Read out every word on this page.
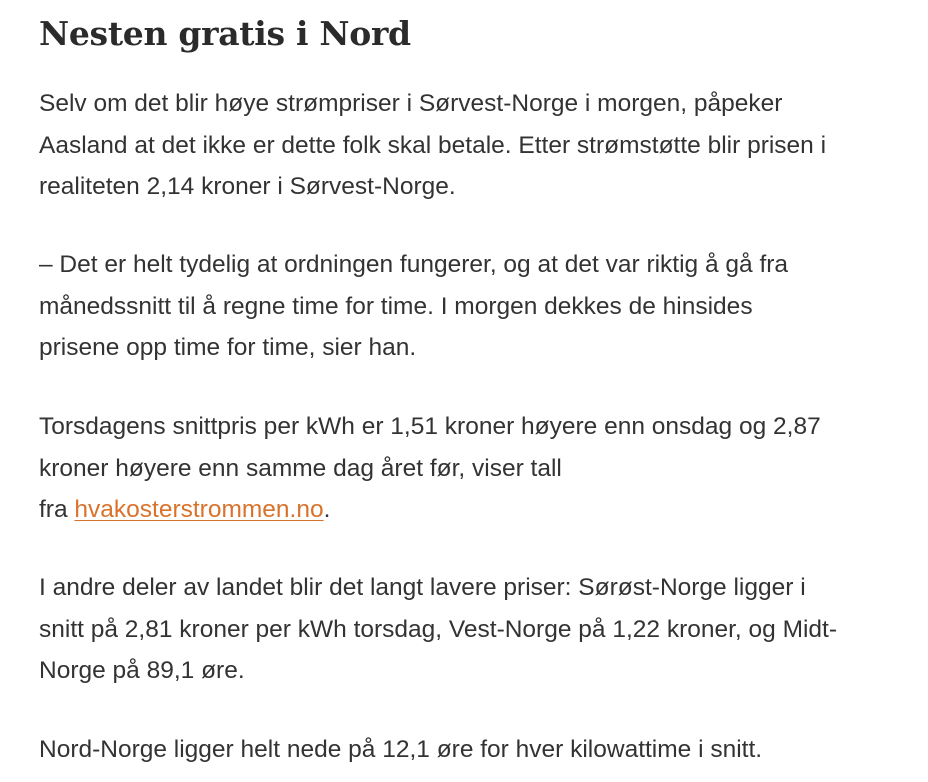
Nesten gratis i Nord

Selv om det blir høye strømpriser i Sørvest-Norge i morgen, påpeker
Aasland at det ikke er dette folk skal betale. Etter strømstøtte blir prisen i
realiteten 2,14 kroner i Sørvest-Norge.

– Det er helt tydelig at ordningen fungerer, og at det var riktig å gå fra
månedssnitt til å regne time for time. I morgen dekkes de hinsides
prisene opp time for time, sier han.

Torsdagens snittpris per kWh er 1,51 kroner høyere enn onsdag og 2,87
kroner høyere enn samme dag året før, viser tall
fra hvakosterstrommen.no.

I andre deler av landet blir det langt lavere priser: Sørøst-Norge ligger i
snitt på 2,81 kroner per kWh torsdag, Vest-Norge på 1,22 kroner, og Midt-
Norge på 89,1 øre.

Nord-Norge ligger helt nede på 12,1 øre for hver kilowattime i snitt.
